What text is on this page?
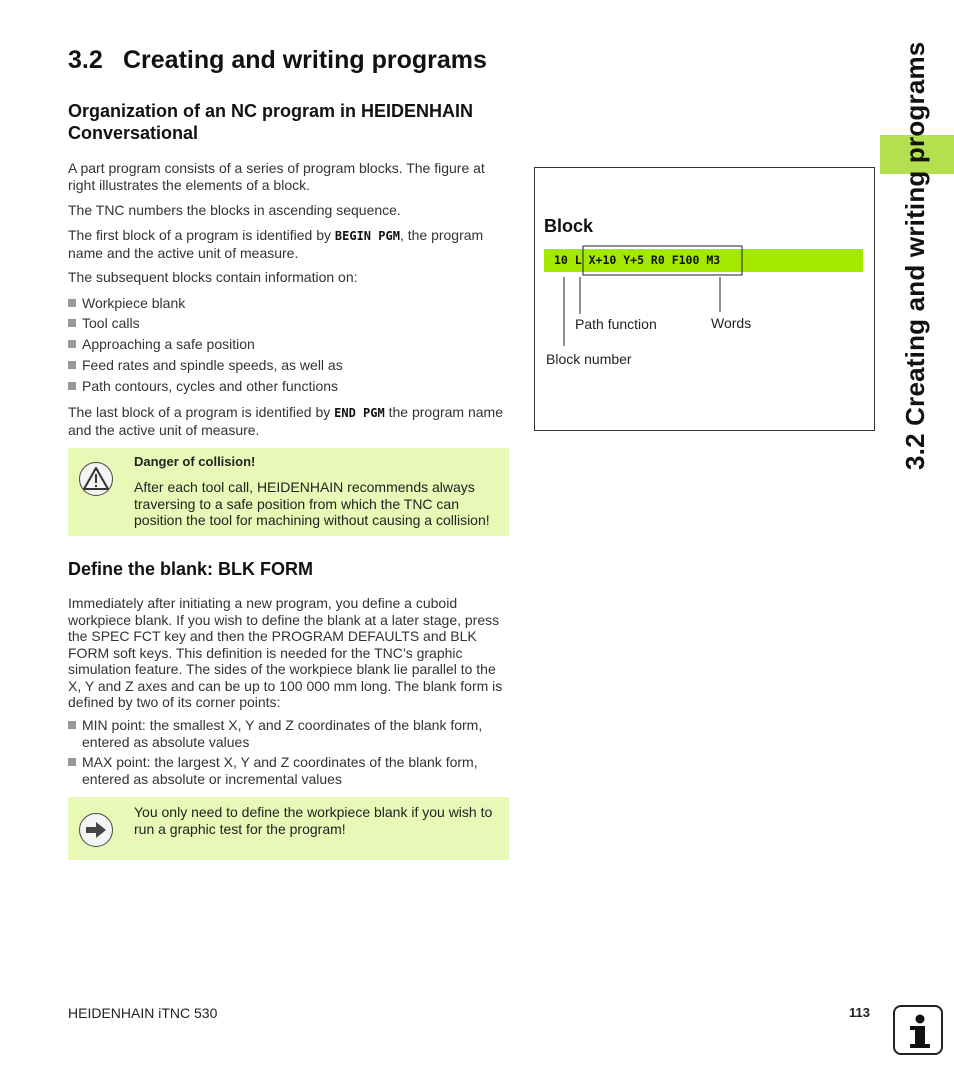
3.2 Creating and writing programs
3.2 Creating and writing programs
Organization of an NC program in HEIDENHAIN Conversational

A part program consists of a series of program blocks. The figure at right illustrates the elements of a block.

The TNC numbers the blocks in ascending sequence.

The first block of a program is identified by BEGIN PGM, the program name and the active unit of measure.

The subsequent blocks contain information on:

Workpiece blank
Tool calls
Approaching a safe position
Feed rates and spindle speeds, as well as
Path contours, cycles and other functions

The last block of a program is identified by END PGM the program name and the active unit of measure.

Danger of collision!
After each tool call, HEIDENHAIN recommends always traversing to a safe position from which the TNC can position the tool for machining without causing a collision!
Define the blank: BLK FORM

Immediately after initiating a new program, you define a cuboid workpiece blank. If you wish to define the blank at a later stage, press the SPEC FCT key and then the PROGRAM DEFAULTS and BLK FORM soft keys. This definition is needed for the TNC’s graphic simulation feature. The sides of the workpiece blank lie parallel to the X, Y and Z axes and can be up to 100 000 mm long. The blank form is defined by two of its corner points:

MIN point: the smallest X, Y and Z coordinates of the blank form, entered as absolute values
MAX point: the largest X, Y and Z coordinates of the blank form, entered as absolute or incremental values
You only need to define the workpiece blank if you wish to run a graphic test for the program!
Block
10 L X+10 Y+5 R0 F100 M3
Path function	Words
Block number
HEIDENHAIN iTNC 530	113
